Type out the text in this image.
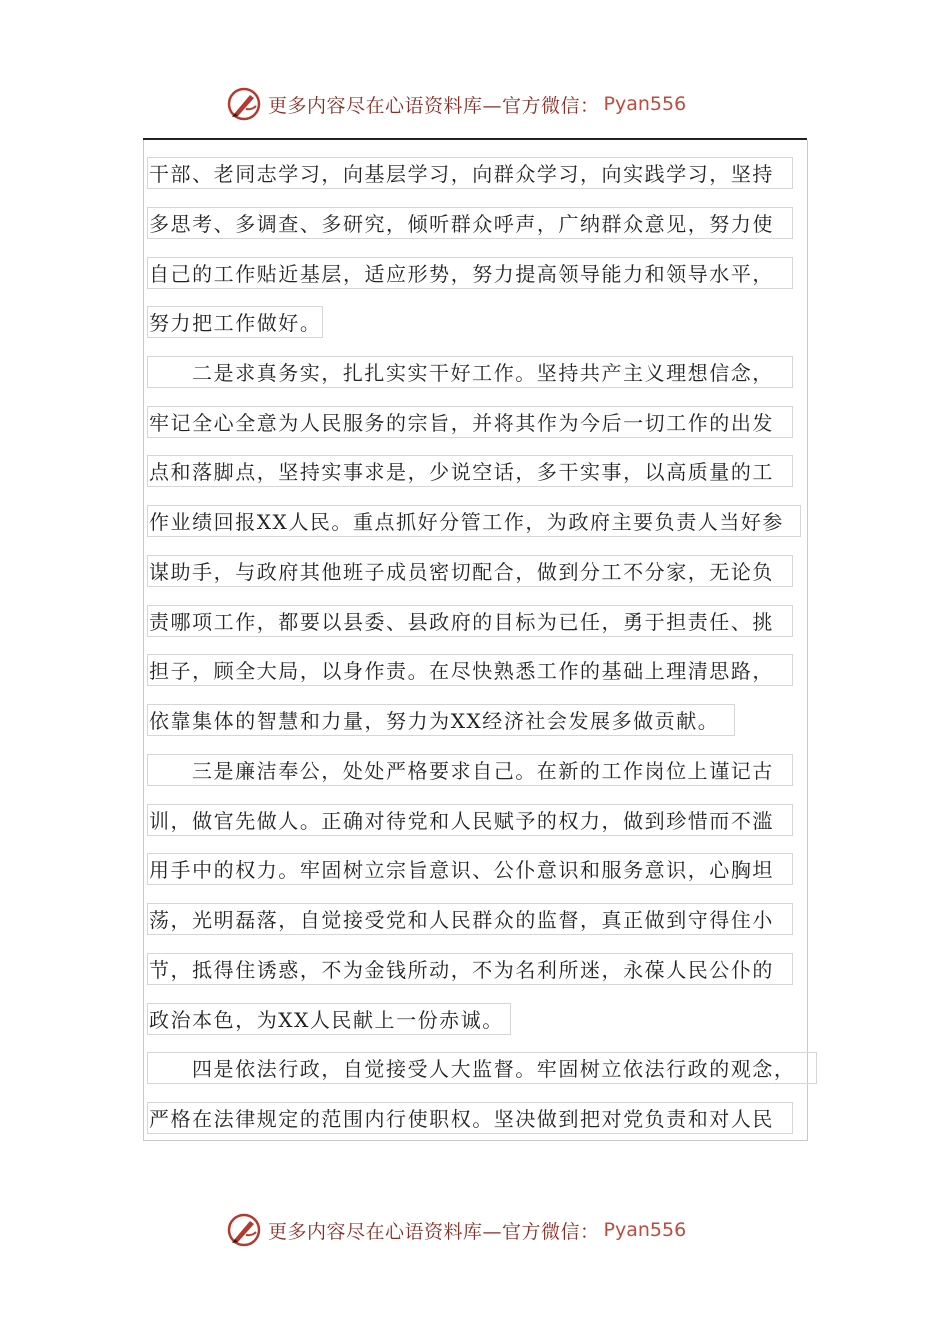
更多内容尽在心语资料库—官方微信： Pyan556
干部、老同志学习，向基层学习，向群众学习，向实践学习，坚持
多思考、多调查、多研究，倾听群众呼声，广纳群众意见，努力使
自己的工作贴近基层，适应形势，努力提高领导能力和领导水平，
努力把工作做好。
二是求真务实，扎扎实实干好工作。坚持共产主义理想信念，
牢记全心全意为人民服务的宗旨，并将其作为今后一切工作的出发
点和落脚点，坚持实事求是，少说空话，多干实事，以高质量的工
作业绩回报XX人民。重点抓好分管工作，为政府主要负责人当好参
谋助手，与政府其他班子成员密切配合，做到分工不分家，无论负
责哪项工作，都要以县委、县政府的目标为已任，勇于担责任、挑
担子，顾全大局，以身作责。在尽快熟悉工作的基础上理清思路，
依靠集体的智慧和力量，努力为XX经济社会发展多做贡献。
三是廉洁奉公，处处严格要求自己。在新的工作岗位上谨记古
训，做官先做人。正确对待党和人民赋予的权力，做到珍惜而不滥
用手中的权力。牢固树立宗旨意识、公仆意识和服务意识，心胸坦
荡，光明磊落，自觉接受党和人民群众的监督，真正做到守得住小
节，抵得住诱惑，不为金钱所动，不为名利所迷，永葆人民公仆的
政治本色，为XX人民献上一份赤诚。
四是依法行政，自觉接受人大监督。牢固树立依法行政的观念，
严格在法律规定的范围内行使职权。坚决做到把对党负责和对人民
更多内容尽在心语资料库—官方微信： Pyan556
